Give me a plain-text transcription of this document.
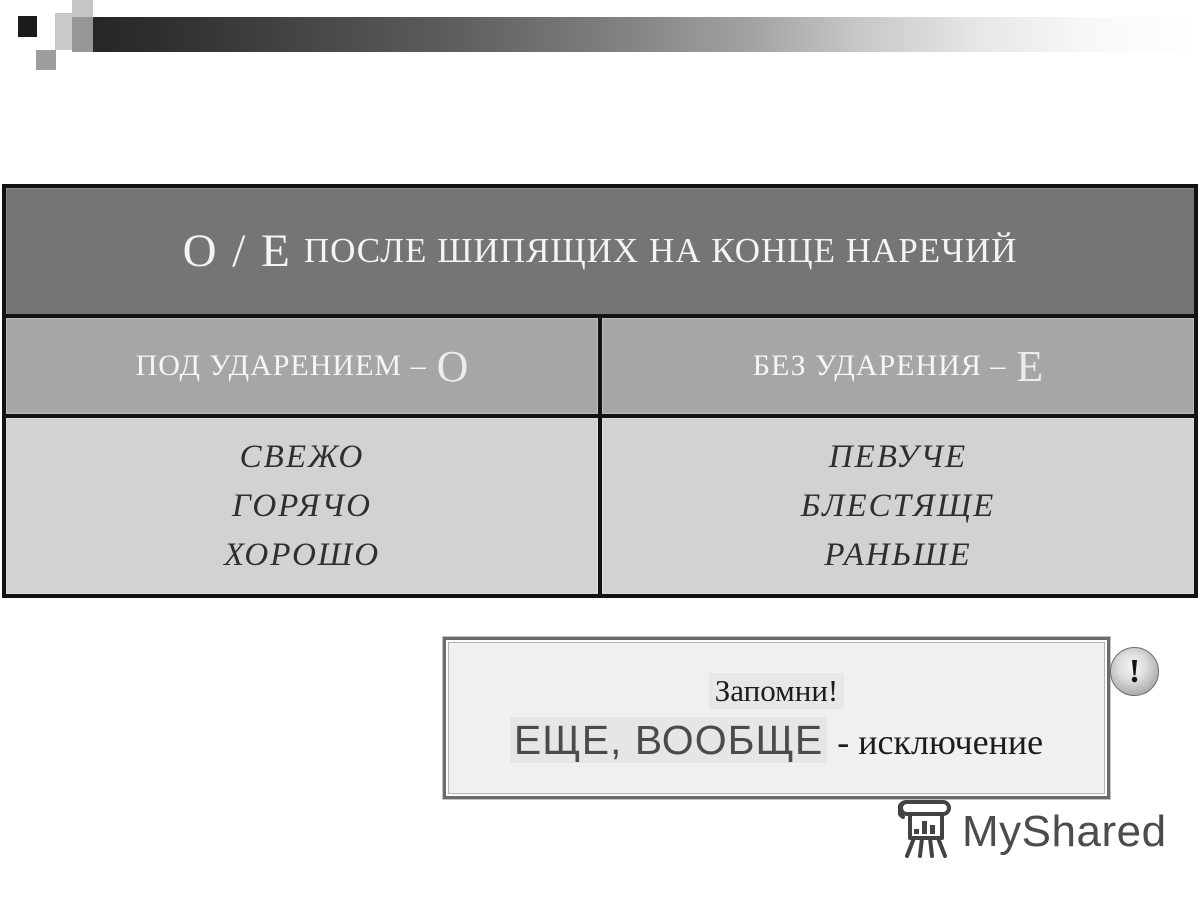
О / Е ПОСЛЕ ШИПЯЩИХ НА КОНЦЕ НАРЕЧИЙ
ПОД УДАРЕНИЕМ – О	БЕЗ УДАРЕНИЯ – Е
СВЕЖО
ГОРЯЧО
ХОРОШО
ПЕВУЧЕ
БЛЕСТЯЩЕ
РАНЬШЕ
Запомни!
ЕЩЕ, ВООБЩЕ - исключение
!
MyShared
